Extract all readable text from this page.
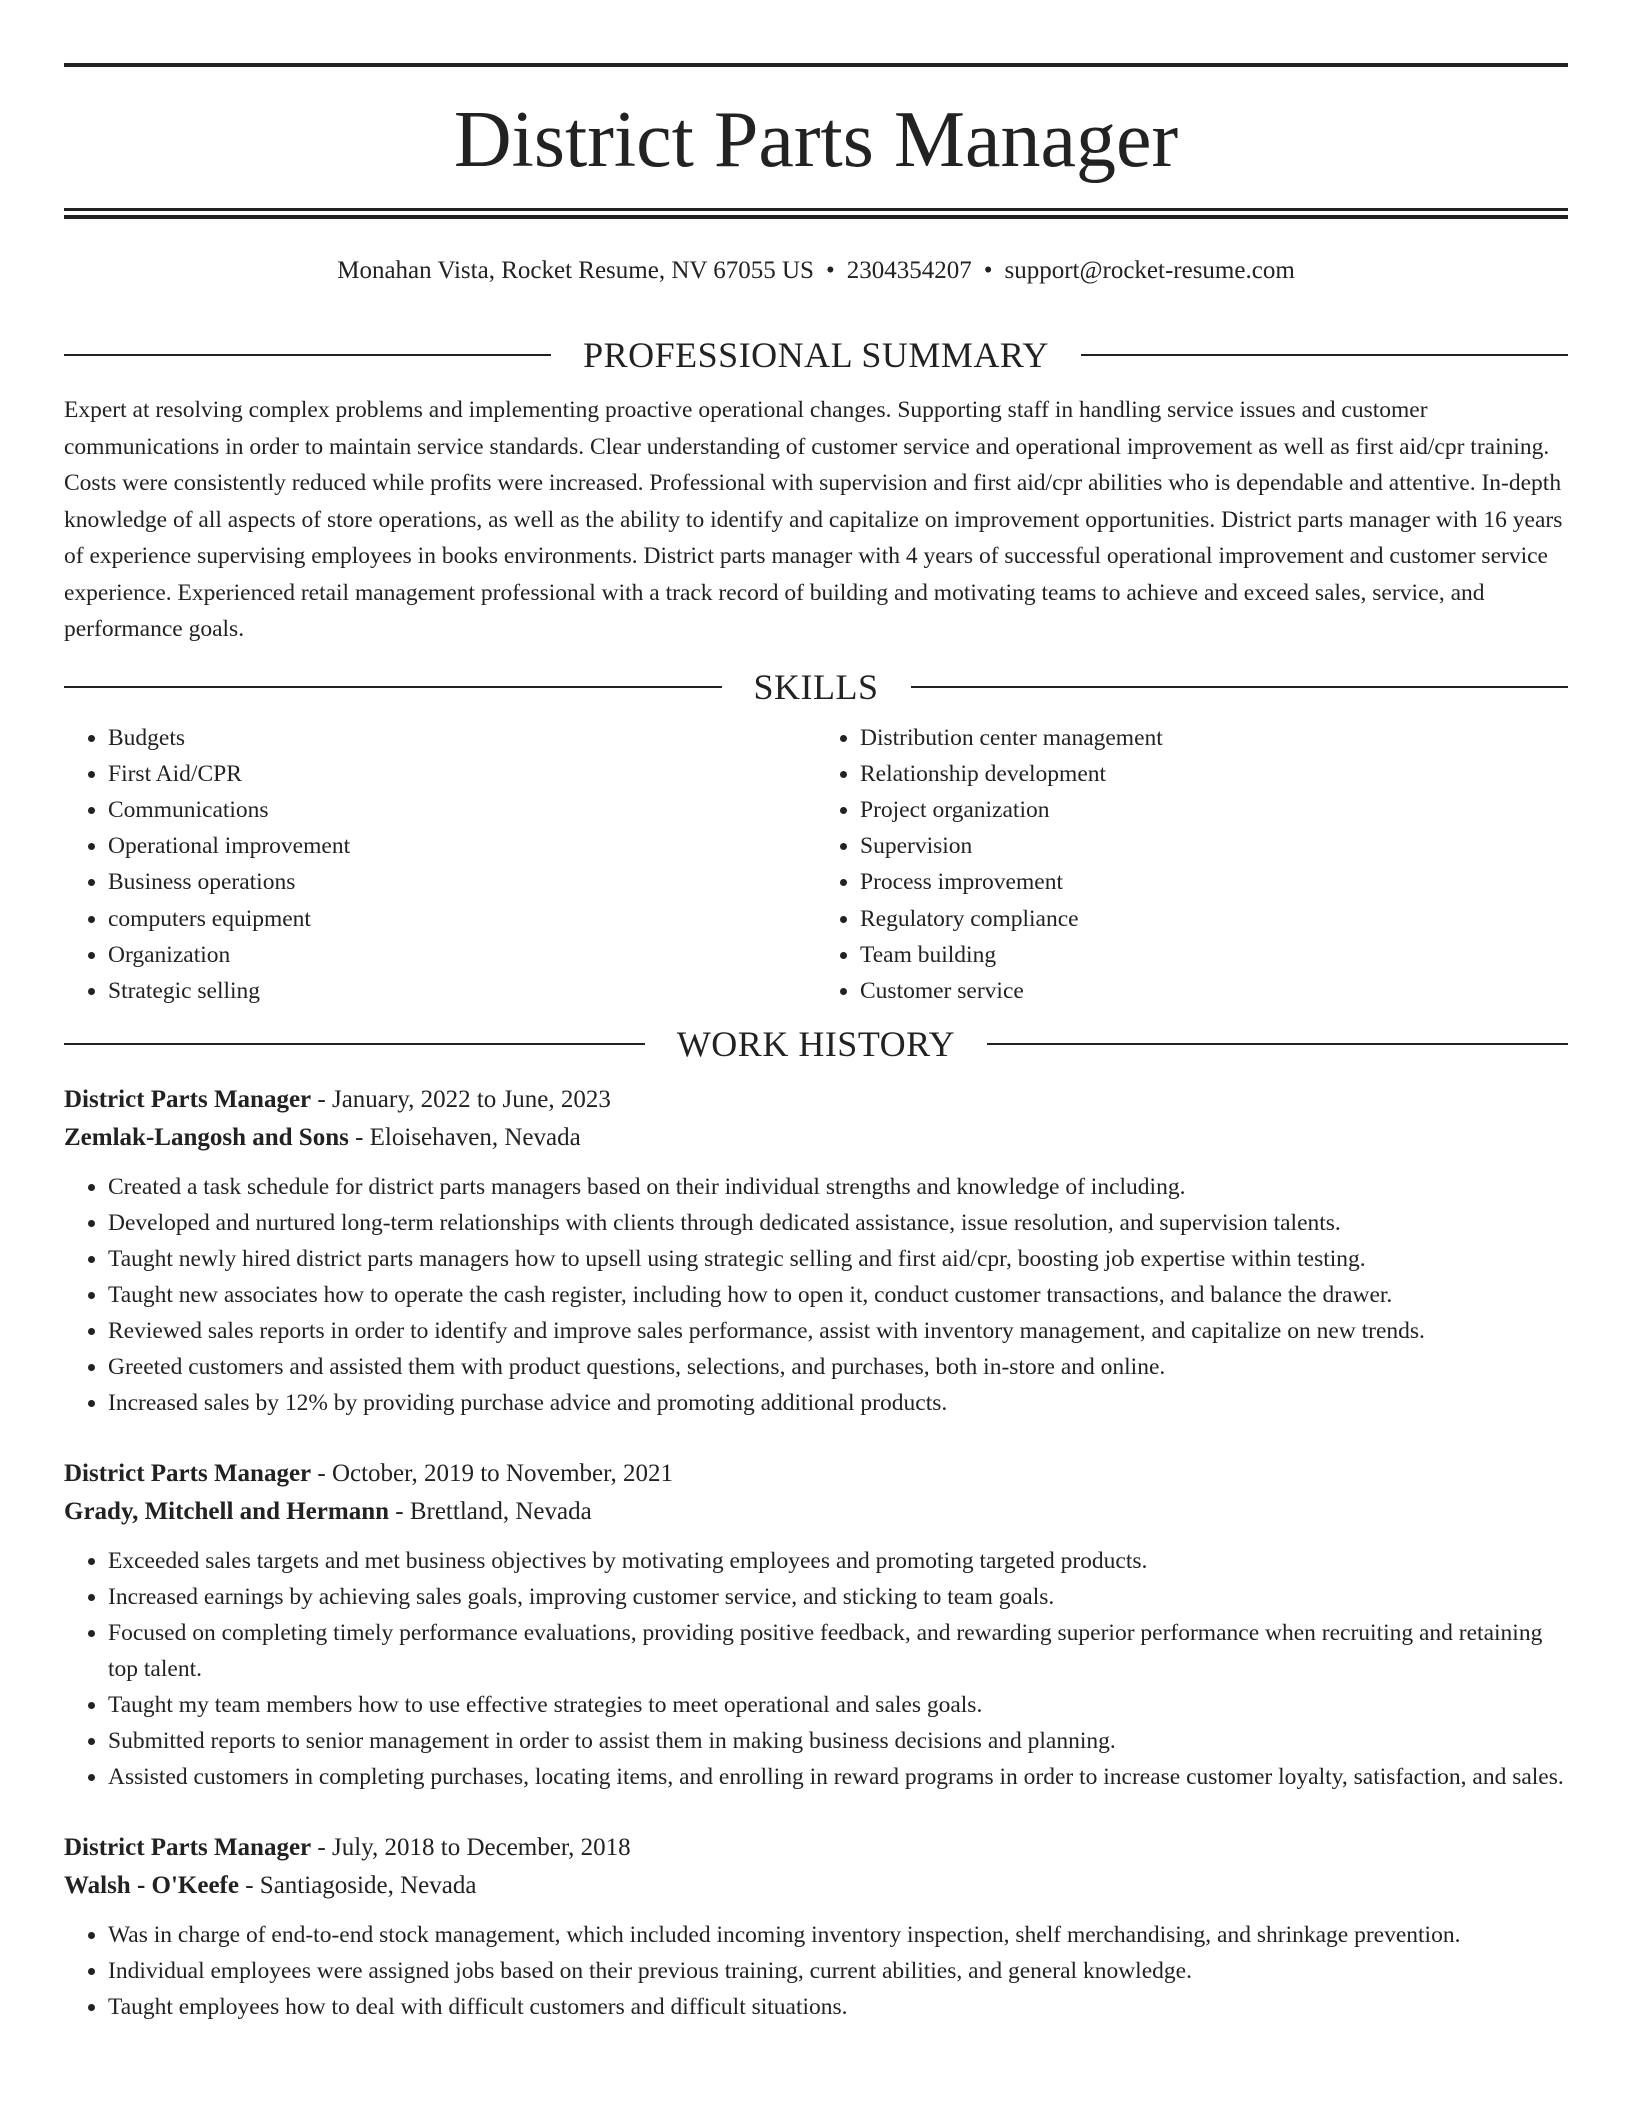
District Parts Manager
Monahan Vista, Rocket Resume, NV 67055 US • 2304354207 • support@rocket-resume.com
PROFESSIONAL SUMMARY

Expert at resolving complex problems and implementing proactive operational changes. Supporting staff in handling service issues and customer communications in order to maintain service standards. Clear understanding of customer service and operational improvement as well as first aid/cpr training. Costs were consistently reduced while profits were increased. Professional with supervision and first aid/cpr abilities who is dependable and attentive. In-depth knowledge of all aspects of store operations, as well as the ability to identify and capitalize on improvement opportunities. District parts manager with 16 years of experience supervising employees in books environments. District parts manager with 4 years of successful operational improvement and customer service experience. Experienced retail management professional with a track record of building and motivating teams to achieve and exceed sales, service, and performance goals.

SKILLS
• Budgets
• First Aid/CPR
• Communications
• Operational improvement
• Business operations
• computers equipment
• Organization
• Strategic selling
• Distribution center management
• Relationship development
• Project organization
• Supervision
• Process improvement
• Regulatory compliance
• Team building
• Customer service
WORK HISTORY
District Parts Manager - January, 2022 to June, 2023
Zemlak-Langosh and Sons - Eloisehaven, Nevada
• Created a task schedule for district parts managers based on their individual strengths and knowledge of including.
• Developed and nurtured long-term relationships with clients through dedicated assistance, issue resolution, and supervision talents.
• Taught newly hired district parts managers how to upsell using strategic selling and first aid/cpr, boosting job expertise within testing.
• Taught new associates how to operate the cash register, including how to open it, conduct customer transactions, and balance the drawer.
• Reviewed sales reports in order to identify and improve sales performance, assist with inventory management, and capitalize on new trends.
• Greeted customers and assisted them with product questions, selections, and purchases, both in-store and online.
• Increased sales by 12% by providing purchase advice and promoting additional products.
District Parts Manager - October, 2019 to November, 2021
Grady, Mitchell and Hermann - Brettland, Nevada
• Exceeded sales targets and met business objectives by motivating employees and promoting targeted products.
• Increased earnings by achieving sales goals, improving customer service, and sticking to team goals.
• Focused on completing timely performance evaluations, providing positive feedback, and rewarding superior performance when recruiting and retaining top talent.
• Taught my team members how to use effective strategies to meet operational and sales goals.
• Submitted reports to senior management in order to assist them in making business decisions and planning.
• Assisted customers in completing purchases, locating items, and enrolling in reward programs in order to increase customer loyalty, satisfaction, and sales.
District Parts Manager - July, 2018 to December, 2018
Walsh - O'Keefe - Santiagoside, Nevada
• Was in charge of end-to-end stock management, which included incoming inventory inspection, shelf merchandising, and shrinkage prevention.
• Individual employees were assigned jobs based on their previous training, current abilities, and general knowledge.
• Taught employees how to deal with difficult customers and difficult situations.
